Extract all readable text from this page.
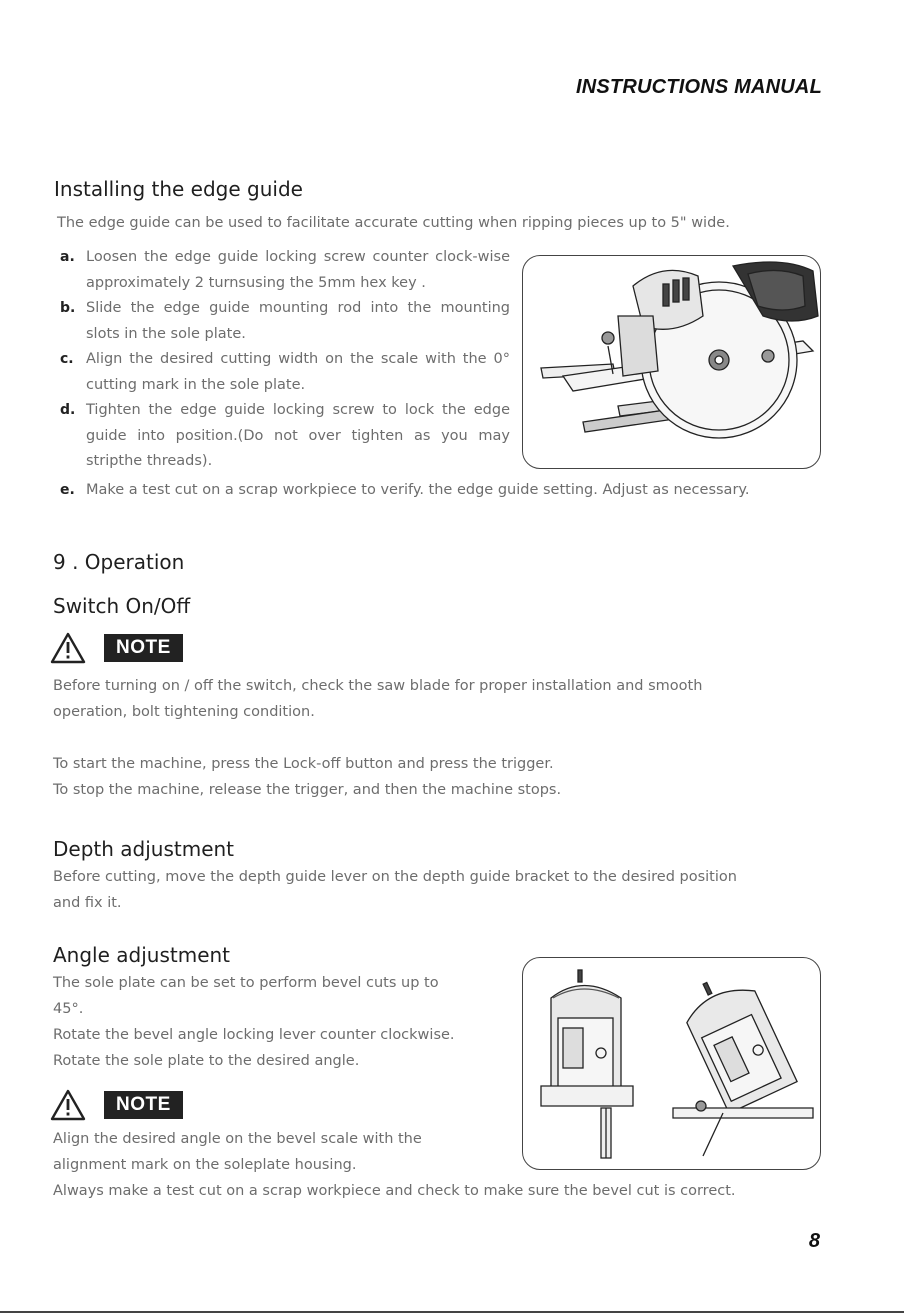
INSTRUCTIONS MANUAL
Installing the edge guide
The edge guide can be used to facilitate accurate cutting when ripping pieces up to 5" wide.
a. Loosen the edge guide locking screw counter clock-wise approximately 2 turnsusing the 5mm hex key .
b. Slide the edge guide mounting rod into the mounting slots in the sole plate.
c. Align the desired cutting width on the scale with the 0° cutting mark in the sole plate.
d. Tighten the edge guide locking screw to lock the edge guide into position.(Do not over tighten as you may stripthe threads).
e. Make a test cut on a scrap workpiece to verify. the edge guide setting. Adjust as necessary.
9 . Operation
Switch On/Off
NOTE
Before turning on / off the switch, check the saw blade for proper installation and smooth
operation, bolt tightening condition.
To start the machine, press the Lock-off button and press the trigger.
To stop the machine, release the trigger, and then the machine stops.
Depth adjustment
Before cutting, move the depth guide lever on the depth guide bracket to the desired position
and fix it.
Angle adjustment
The sole plate can be set to perform bevel cuts up to
45°.
Rotate the bevel angle locking lever counter clockwise.
Rotate the sole plate to the desired angle.
NOTE
Align the desired angle on the bevel scale with the
alignment mark on the soleplate housing.
Always make a test cut on a scrap workpiece and check to make sure the bevel cut is correct.
8
